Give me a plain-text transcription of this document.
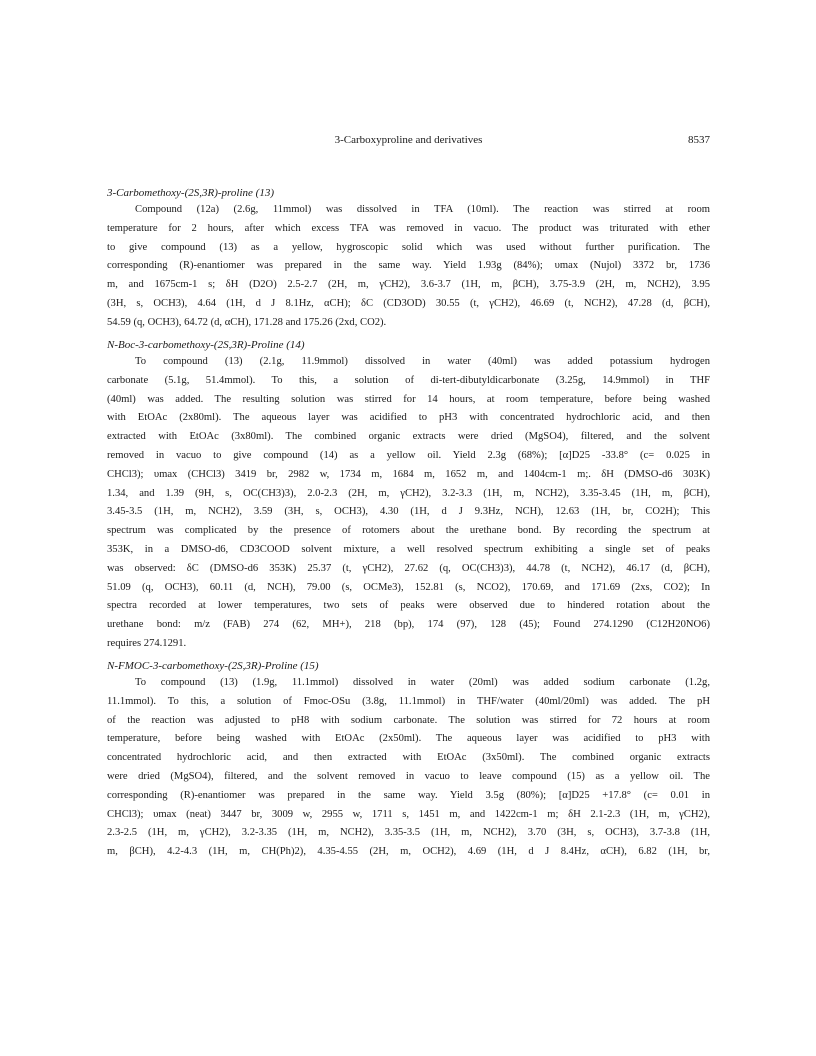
3-Carboxyproline and derivatives	8537

3-Carbomethoxy-(2S,3R)-proline (13)

Compound (12a) (2.6g, 11mmol) was dissolved in TFA (10ml). The reaction was stirred at room
temperature for 2 hours, after which excess TFA was removed in vacuo. The product was triturated with ether
to give compound (13) as a yellow, hygroscopic solid which was used without further purification. The
corresponding (R)-enantiomer was prepared in the same way. Yield 1.93g (84%); υmax (Nujol) 3372 br, 1736
m, and 1675cm-1 s; δH (D2O) 2.5-2.7 (2H, m, γCH2), 3.6-3.7 (1H, m, βCH), 3.75-3.9 (2H, m, NCH2), 3.95
(3H, s, OCH3), 4.64 (1H, d J 8.1Hz, αCH); δC (CD3OD) 30.55 (t, γCH2), 46.69 (t, NCH2), 47.28 (d, βCH),
54.59 (q, OCH3), 64.72 (d, αCH), 171.28 and 175.26 (2xd, CO2).

N-Boc-3-carbomethoxy-(2S,3R)-Proline (14)

To compound (13) (2.1g, 11.9mmol) dissolved in water (40ml) was added potassium hydrogen
carbonate (5.1g, 51.4mmol). To this, a solution of di-tert-dibutyldicarbonate (3.25g, 14.9mmol) in THF
(40ml) was added. The resulting solution was stirred for 14 hours, at room temperature, before being washed
with EtOAc (2x80ml). The aqueous layer was acidified to pH3 with concentrated hydrochloric acid, and then
extracted with EtOAc (3x80ml). The combined organic extracts were dried (MgSO4), filtered, and the solvent
removed in vacuo to give compound (14) as a yellow oil. Yield 2.3g (68%); [α]D25 -33.8° (c= 0.025 in
CHCl3); υmax (CHCl3) 3419 br, 2982 w, 1734 m, 1684 m, 1652 m, and 1404cm-1 m;. δH (DMSO-d6 303K)
1.34, and 1.39 (9H, s, OC(CH3)3), 2.0-2.3 (2H, m, γCH2), 3.2-3.3 (1H, m, NCH2), 3.35-3.45 (1H, m, βCH),
3.45-3.5 (1H, m, NCH2), 3.59 (3H, s, OCH3), 4.30 (1H, d J 9.3Hz, NCH), 12.63 (1H, br, CO2H); This
spectrum was complicated by the presence of rotomers about the urethane bond. By recording the spectrum at
353K, in a DMSO-d6, CD3COOD solvent mixture, a well resolved spectrum exhibiting a single set of peaks
was observed: δC (DMSO-d6 353K) 25.37 (t, γCH2), 27.62 (q, OC(CH3)3), 44.78 (t, NCH2), 46.17 (d, βCH),
51.09 (q, OCH3), 60.11 (d, NCH), 79.00 (s, OCMe3), 152.81 (s, NCO2), 170.69, and 171.69 (2xs, CO2); In
spectra recorded at lower temperatures, two sets of peaks were observed due to hindered rotation about the
urethane bond: m/z (FAB) 274 (62, MH+), 218 (bp), 174 (97), 128 (45); Found 274.1290 (C12H20NO6)
requires 274.1291.

N-FMOC-3-carbomethoxy-(2S,3R)-Proline (15)

To compound (13) (1.9g, 11.1mmol) dissolved in water (20ml) was added sodium carbonate (1.2g,
11.1mmol). To this, a solution of Fmoc-OSu (3.8g, 11.1mmol) in THF/water (40ml/20ml) was added. The pH
of the reaction was adjusted to pH8 with sodium carbonate. The solution was stirred for 72 hours at room
temperature, before being washed with EtOAc (2x50ml). The aqueous layer was acidified to pH3 with
concentrated hydrochloric acid, and then extracted with EtOAc (3x50ml). The combined organic extracts
were dried (MgSO4), filtered, and the solvent removed in vacuo to leave compound (15) as a yellow oil. The
corresponding (R)-enantiomer was prepared in the same way. Yield 3.5g (80%); [α]D25 +17.8° (c= 0.01 in
CHCl3); υmax (neat) 3447 br, 3009 w, 2955 w, 1711 s, 1451 m, and 1422cm-1 m; δH 2.1-2.3 (1H, m, γCH2),
2.3-2.5 (1H, m, γCH2), 3.2-3.35 (1H, m, NCH2), 3.35-3.5 (1H, m, NCH2), 3.70 (3H, s, OCH3), 3.7-3.8 (1H,
m, βCH), 4.2-4.3 (1H, m, CH(Ph)2), 4.35-4.55 (2H, m, OCH2), 4.69 (1H, d J 8.4Hz, αCH), 6.82 (1H, br,
